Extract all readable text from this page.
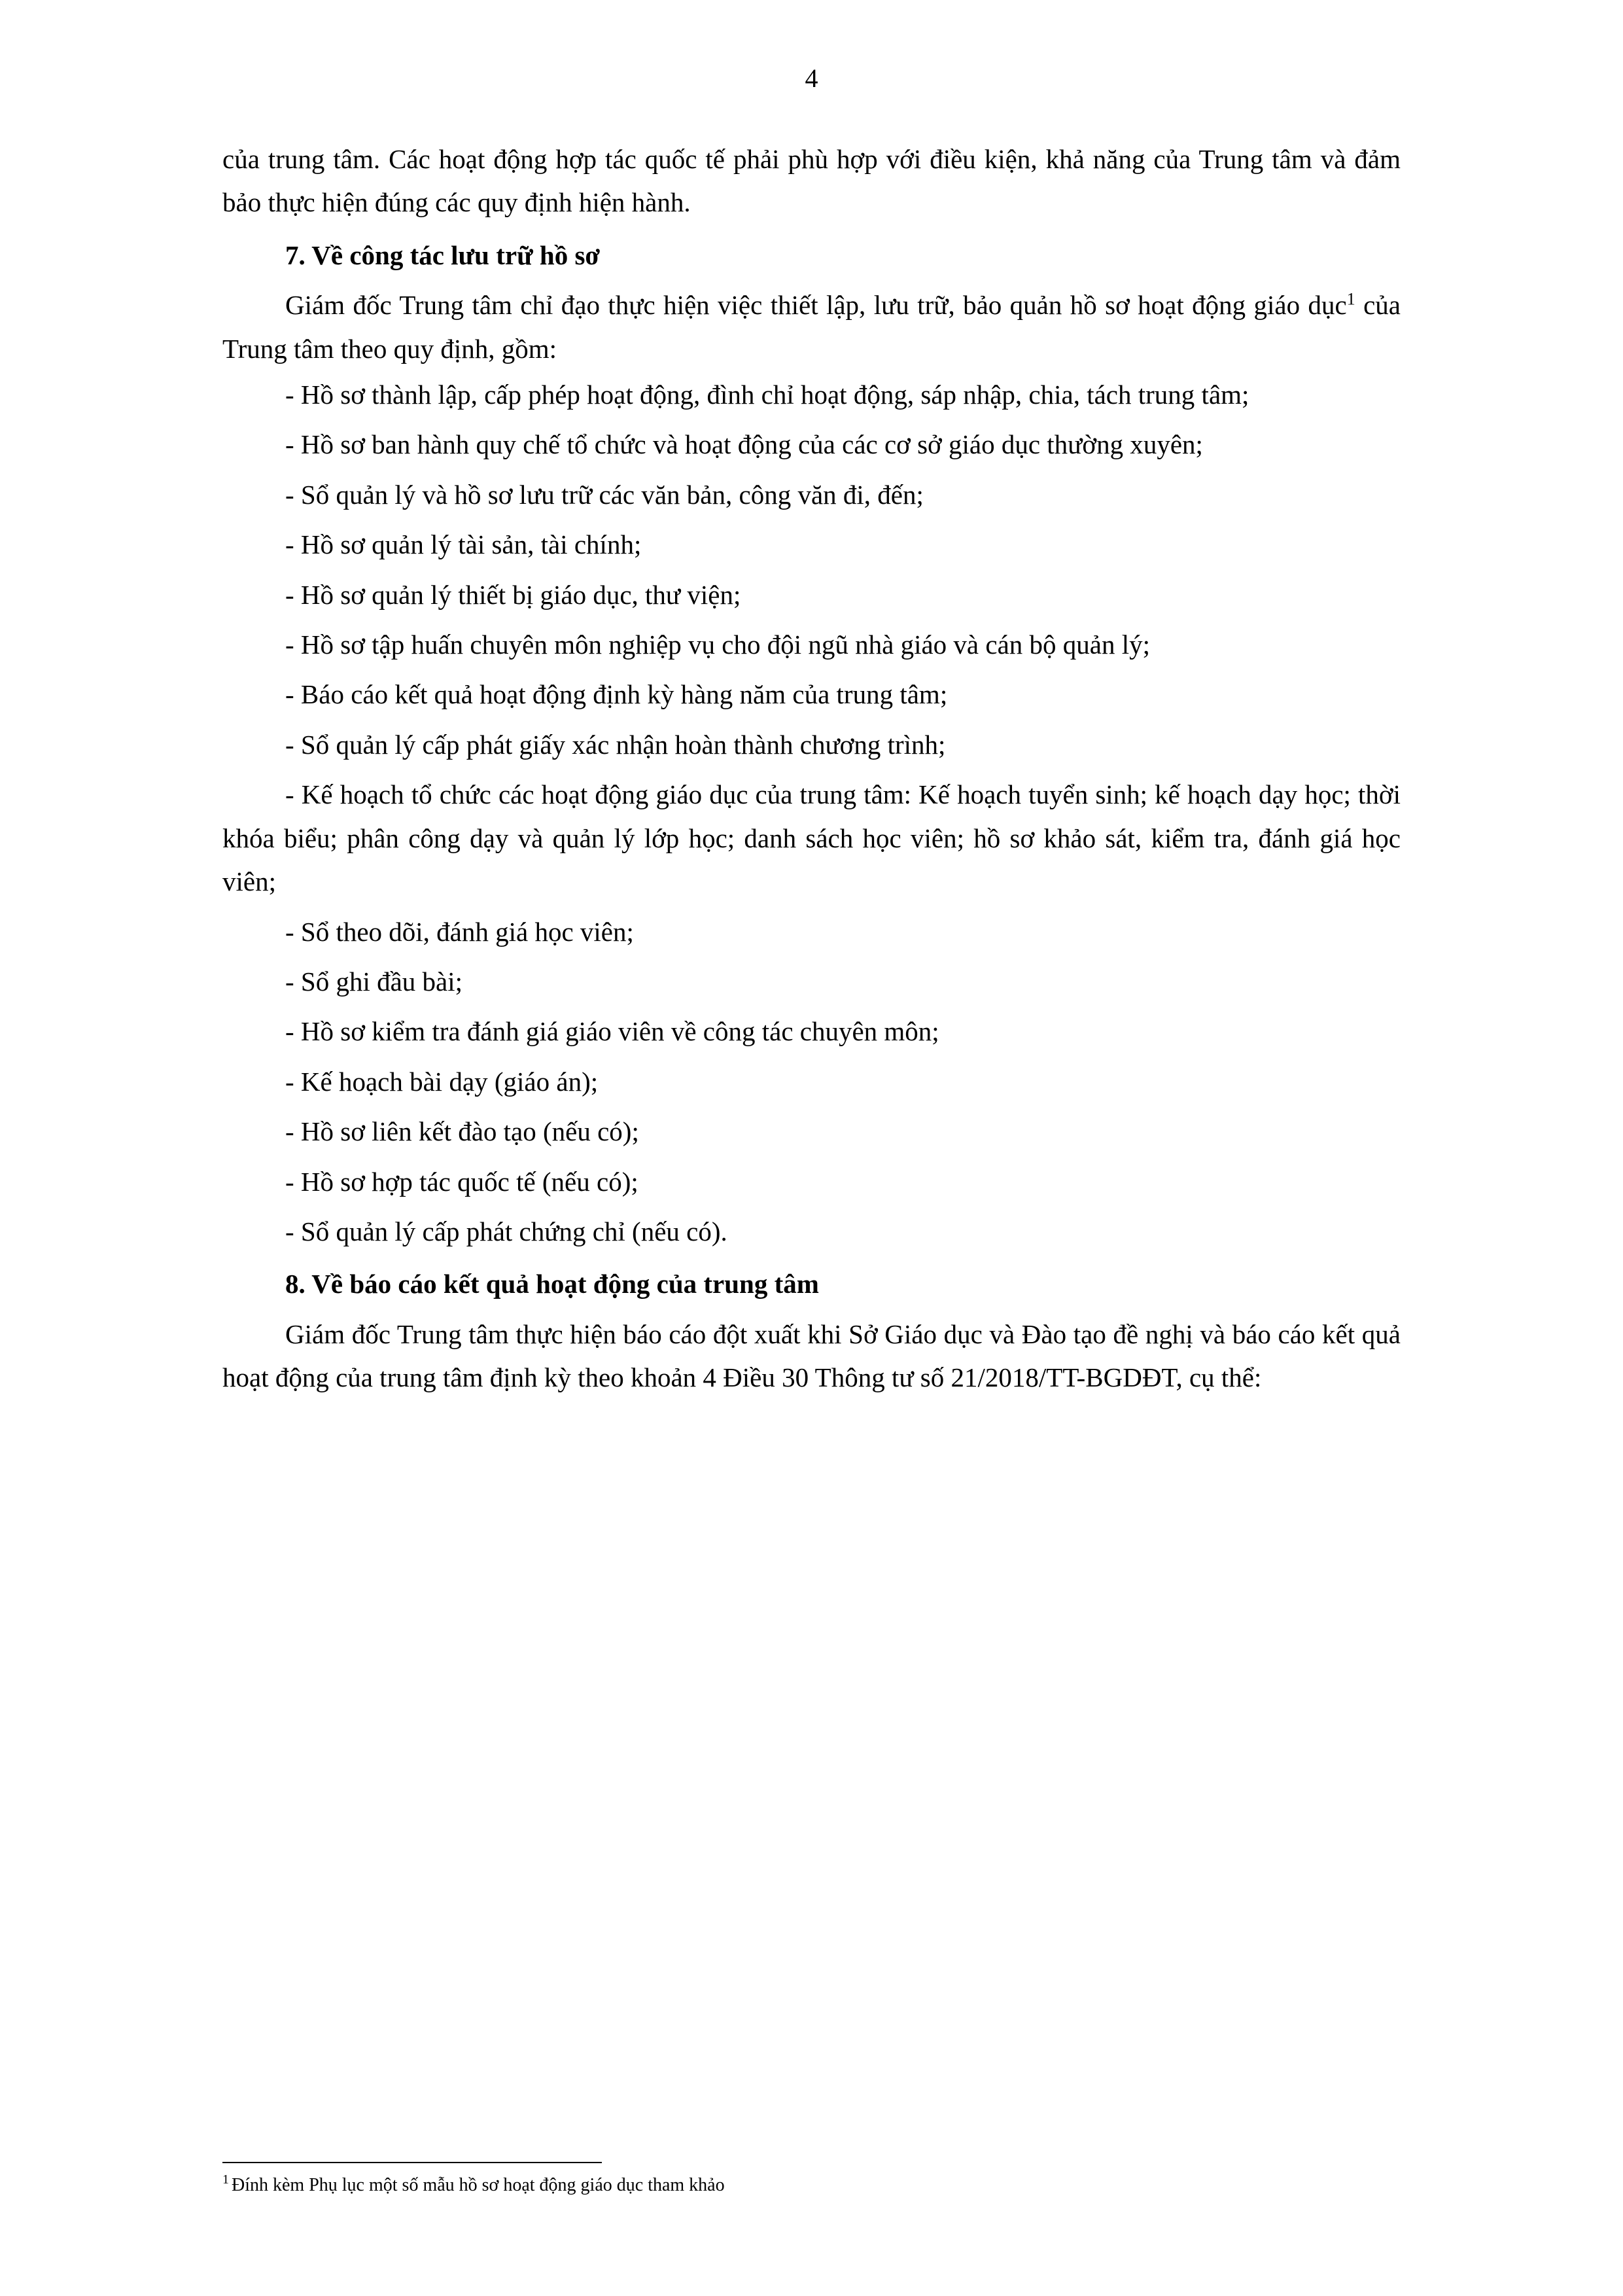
4

của trung tâm. Các hoạt động hợp tác quốc tế phải phù hợp với điều kiện, khả năng của Trung tâm và đảm bảo thực hiện đúng các quy định hiện hành.

7. Về công tác lưu trữ hồ sơ

Giám đốc Trung tâm chỉ đạo thực hiện việc thiết lập, lưu trữ, bảo quản hồ sơ hoạt động giáo dục$^1$ của Trung tâm theo quy định, gồm:

- Hồ sơ thành lập, cấp phép hoạt động, đình chỉ hoạt động, sáp nhập, chia, tách trung tâm;

- Hồ sơ ban hành quy chế tổ chức và hoạt động của các cơ sở giáo dục thường xuyên;

- Sổ quản lý và hồ sơ lưu trữ các văn bản, công văn đi, đến;

- Hồ sơ quản lý tài sản, tài chính;

- Hồ sơ quản lý thiết bị giáo dục, thư viện;

- Hồ sơ tập huấn chuyên môn nghiệp vụ cho đội ngũ nhà giáo và cán bộ quản lý;

- Báo cáo kết quả hoạt động định kỳ hàng năm của trung tâm;

- Sổ quản lý cấp phát giấy xác nhận hoàn thành chương trình;

- Kế hoạch tổ chức các hoạt động giáo dục của trung tâm: Kế hoạch tuyển sinh; kế hoạch dạy học; thời khóa biểu; phân công dạy và quản lý lớp học; danh sách học viên; hồ sơ khảo sát, kiểm tra, đánh giá học viên;

- Sổ theo dõi, đánh giá học viên;

- Sổ ghi đầu bài;

- Hồ sơ kiểm tra đánh giá giáo viên về công tác chuyên môn;

- Kế hoạch bài dạy (giáo án);

- Hồ sơ liên kết đào tạo (nếu có);

- Hồ sơ hợp tác quốc tế (nếu có);

- Sổ quản lý cấp phát chứng chỉ (nếu có).

8. Về báo cáo kết quả hoạt động của trung tâm

Giám đốc Trung tâm thực hiện báo cáo đột xuất khi Sở Giáo dục và Đào tạo đề nghị và báo cáo kết quả hoạt động của trung tâm định kỳ theo khoản 4 Điều 30 Thông tư số 21/2018/TT-BGDĐT, cụ thể:

$^1$ Đính kèm Phụ lục một số mẫu hồ sơ hoạt động giáo dục tham khảo
